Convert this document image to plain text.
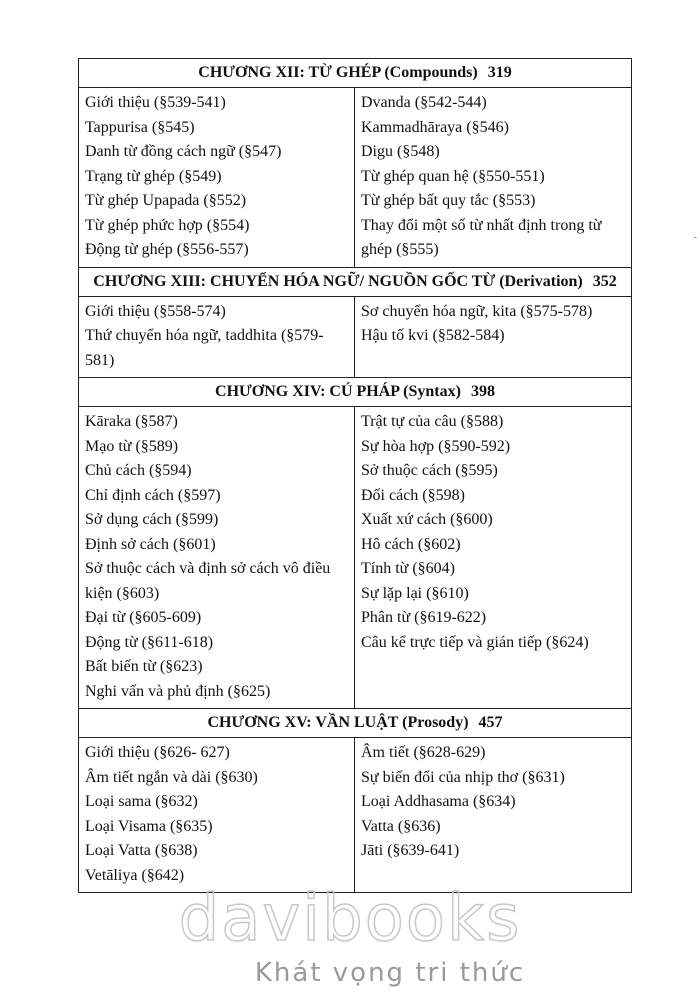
CHƯƠNG XII: TỪ GHÉP (Compounds) 319
Giới thiệu (§539-541)
Tappurisa (§545)
Danh từ đồng cách ngữ (§547)
Trạng từ ghép (§549)
Từ ghép Upapada (§552)
Từ ghép phức hợp (§554)
Động từ ghép (§556-557)
Dvanda (§542-544)
Kammadhāraya (§546)
Digu (§548)
Từ ghép quan hệ (§550-551)
Từ ghép bất quy tắc (§553)
Thay đổi một số từ nhất định trong từ ghép (§555)
CHƯƠNG XIII: CHUYỂN HÓA NGỮ/ NGUỒN GỐC TỪ (Derivation) 352
Giới thiệu (§558-574)
Thứ chuyển hóa ngữ, taddhita (§579-581)
Sơ chuyển hóa ngữ, kita (§575-578)
Hậu tố kvi (§582-584)
CHƯƠNG XIV: CÚ PHÁP (Syntax) 398
Kāraka (§587)
Mạo từ (§589)
Chủ cách (§594)
Chỉ định cách (§597)
Sở dụng cách (§599)
Định sở cách (§601)
Sở thuộc cách và định sở cách vô điều kiện (§603)
Đại từ (§605-609)
Động từ (§611-618)
Bất biến từ (§623)
Nghi vấn và phủ định (§625)
Trật tự của câu (§588)
Sự hòa hợp (§590-592)
Sở thuộc cách (§595)
Đối cách (§598)
Xuất xứ cách (§600)
Hô cách (§602)
Tính từ (§604)
Sự lặp lại (§610)
Phân từ (§619-622)
Câu kể trực tiếp và gián tiếp (§624)
CHƯƠNG XV: VẦN LUẬT (Prosody) 457
Giới thiệu (§626- 627)
Âm tiết ngắn và dài (§630)
Loại sama (§632)
Loại Visama (§635)
Loại Vatta (§638)
Vetāliya (§642)
Âm tiết (§628-629)
Sự biến đổi của nhịp thơ (§631)
Loại Addhasama (§634)
Vatta (§636)
Jāti (§639-641)
davibooks
Khát vọng tri thức
-
